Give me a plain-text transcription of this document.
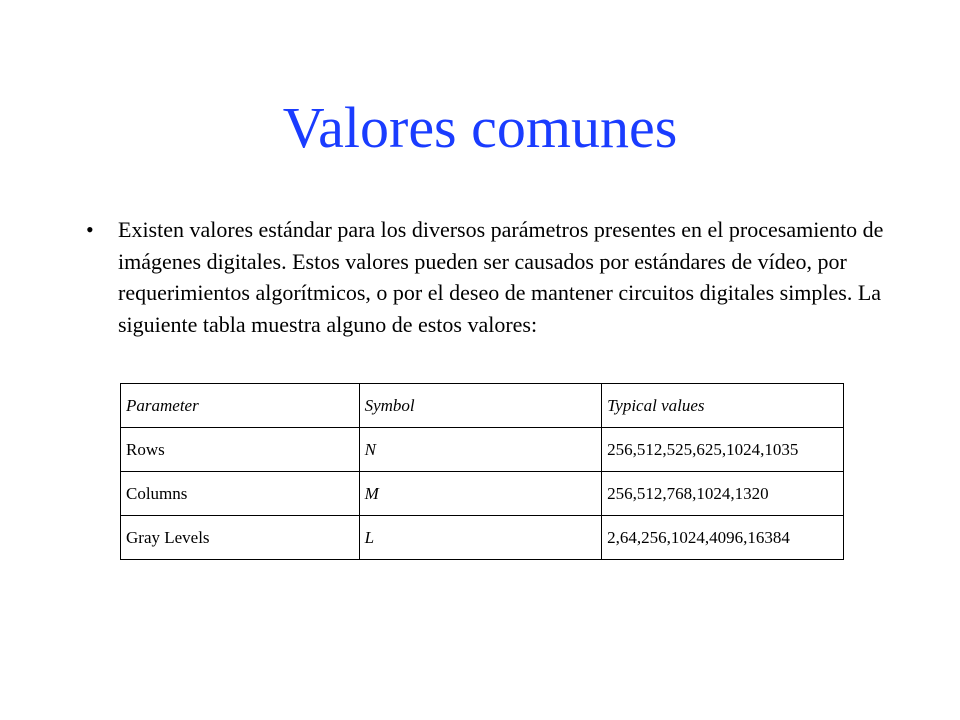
Valores comunes
• Existen valores estándar para los diversos parámetros presentes en el procesamiento de imágenes digitales. Estos valores pueden ser causados por estándares de vídeo, por requerimientos algorítmicos, o por el deseo de mantener circuitos digitales simples. La siguiente tabla muestra alguno de estos valores:

Parameter	Symbol	Typical values
Rows	N	256,512,525,625,1024,1035
Columns	M	256,512,768,1024,1320
Gray Levels	L	2,64,256,1024,4096,16384
